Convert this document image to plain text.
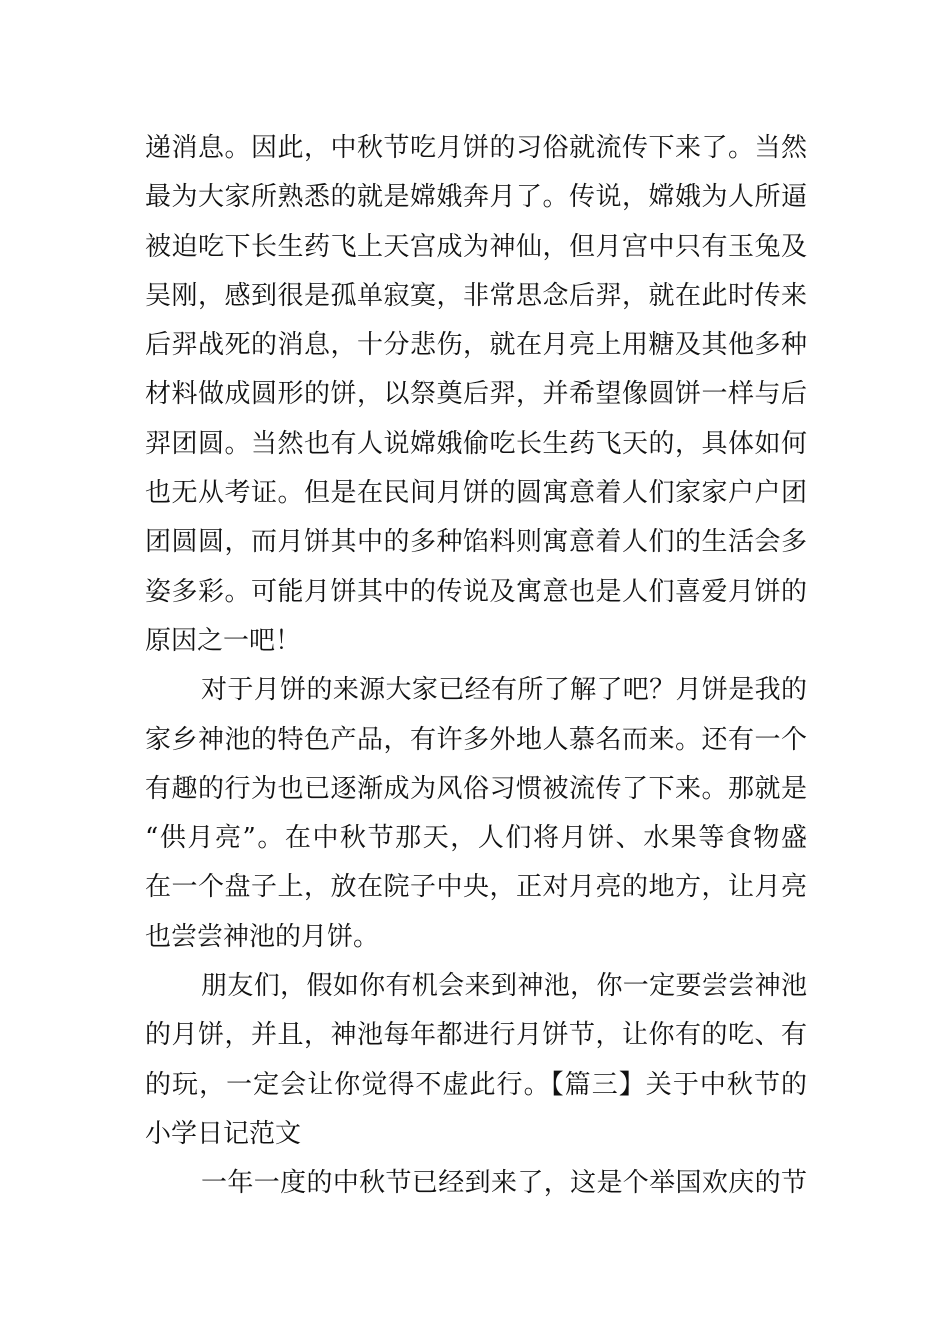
递消息。因此，中秋节吃月饼的习俗就流传下来了。当然
最为大家所熟悉的就是嫦娥奔月了。传说，嫦娥为人所逼
被迫吃下长生药飞上天宫成为神仙，但月宫中只有玉兔及
吴刚，感到很是孤单寂寞，非常思念后羿，就在此时传来
后羿战死的消息，十分悲伤，就在月亮上用糖及其他多种
材料做成圆形的饼，以祭奠后羿，并希望像圆饼一样与后
羿团圆。当然也有人说嫦娥偷吃长生药飞天的，具体如何
也无从考证。但是在民间月饼的圆寓意着人们家家户户团
团圆圆，而月饼其中的多种馅料则寓意着人们的生活会多
姿多彩。可能月饼其中的传说及寓意也是人们喜爱月饼的
原因之一吧！
对于月饼的来源大家已经有所了解了吧？月饼是我的
家乡神池的特色产品，有许多外地人慕名而来。还有一个
有趣的行为也已逐渐成为风俗习惯被流传了下来。那就是
“供月亮”。在中秋节那天，人们将月饼、水果等食物盛
在一个盘子上，放在院子中央，正对月亮的地方，让月亮
也尝尝神池的月饼。
朋友们，假如你有机会来到神池，你一定要尝尝神池
的月饼，并且，神池每年都进行月饼节，让你有的吃、有
的玩，一定会让你觉得不虚此行。【篇三】关于中秋节的
小学日记范文
一年一度的中秋节已经到来了，这是个举国欢庆的节
